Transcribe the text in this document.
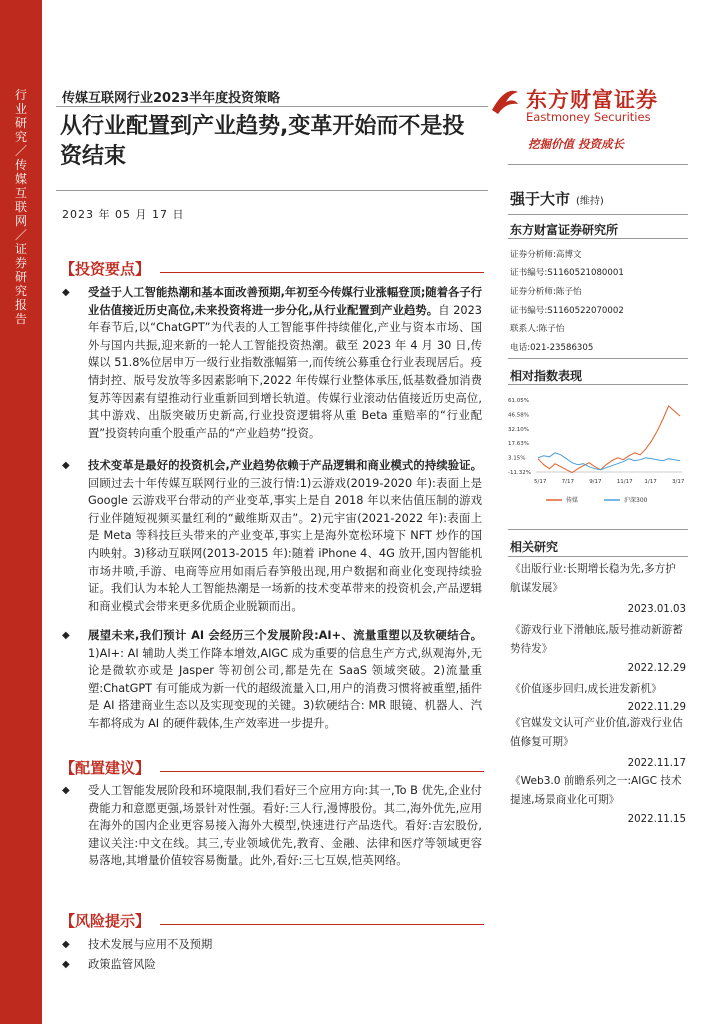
行业研究／传媒互联网／证券研究报告
传媒互联网行业2023半年度投资策略
从行业配置到产业趋势,变革开始而不是投资结束
2023 年 05 月 17 日
【投资要点】
◆ 受益于人工智能热潮和基本面改善预期,年初至今传媒行业涨幅登顶;随着各子行业估值接近历史高位,未来投资将进一步分化,从行业配置到产业趋势。自 2023 年春节后,以“ChatGPT”为代表的人工智能事件持续催化,产业与资本市场、国外与国内共振,迎来新的一轮人工智能投资热潮。截至 2023 年 4 月 30 日,传媒以 51.8%位居申万一级行业指数涨幅第一,而传统公募重仓行业表现居后。疫情封控、版号发放等多因素影响下,2022 年传媒行业整体承压,低基数叠加消费复苏等因素有望推动行业重新回到增长轨道。传媒行业滚动估值接近历史高位,其中游戏、出版突破历史新高,行业投资逻辑将从重 Beta 重赔率的“行业配置”投资转向重个股重产品的“产业趋势”投资。
◆ 技术变革是最好的投资机会,产业趋势依赖于产品逻辑和商业模式的持续验证。回顾过去十年传媒互联网行业的三波行情:1)云游戏(2019-2020 年):表面上是 Google 云游戏平台带动的产业变革,事实上是自 2018 年以来估值压制的游戏行业伴随短视频买量红利的“戴维斯双击”。2)元宇宙(2021-2022 年):表面上是 Meta 等科技巨头带来的产业变革,事实上是海外宽松环境下 NFT 炒作的国内映射。3)移动互联网(2013-2015 年):随着 iPhone 4、4G 放开,国内智能机市场井喷,手游、电商等应用如雨后春笋般出现,用户数据和商业化变现持续验证。我们认为本轮人工智能热潮是一场新的技术变革带来的投资机会,产品逻辑和商业模式会带来更多优质企业脱颖而出。
◆ 展望未来,我们预计 AI 会经历三个发展阶段:AI+、流量重塑以及软硬结合。1)AI+: AI 辅助人类工作降本增效,AIGC 成为重要的信息生产方式,纵观海外,无论是微软亦或是 Jasper 等初创公司,都是先在 SaaS 领域突破。2)流量重塑:ChatGPT 有可能成为新一代的超级流量入口,用户的消费习惯将被重塑,插件是 AI 搭建商业生态以及实现变现的关键。3)软硬结合: MR 眼镜、机器人、汽车都将成为 AI 的硬件载体,生产效率进一步提升。
【配置建议】
◆ 受人工智能发展阶段和环境限制,我们看好三个应用方向:其一,To B 优先,企业付费能力和意愿更强,场景针对性强。看好:三人行,漫博股份。其二,海外优先,应用在海外的国内企业更容易接入海外大模型,快速进行产品迭代。看好:吉宏股份,建议关注:中文在线。其三,专业领域优先,教育、金融、法律和医疗等领域更容易落地,其增量价值较容易衡量。此外,看好:三七互娱,恺英网络。
【风险提示】
◆ 技术发展与应用不及预期
◆ 政策监管风险
东方财富证券
Eastmoney Securities
挖掘价值 投资成长
强于大市 (维持)
东方财富证券研究所
证券分析师:高博文
证书编号:S1160521080001
证券分析师:陈子怡
证书编号:S1160522070002
联系人:陈子怡
电话:021-23586305
相对指数表现
61.05%
46.58%
32.10%
17.63%
3.15%
-11.32%
5/17	7/17	9/17	11/17 1/17	3/17
传媒	沪深300
相关研究
《出版行业:长期增长稳为先,多方护航谋发展》
2023.01.03
《游戏行业下滑触底,版号推动新游蓄势待发》
2022.12.29
《价值逐步回归,成长进发新机》
2022.11.29
《官媒发文认可产业价值,游戏行业估值修复可期》
2022.11.17
《Web3.0 前瞻系列之一:AIGC 技术提速,场景商业化可期》
2022.11.15
